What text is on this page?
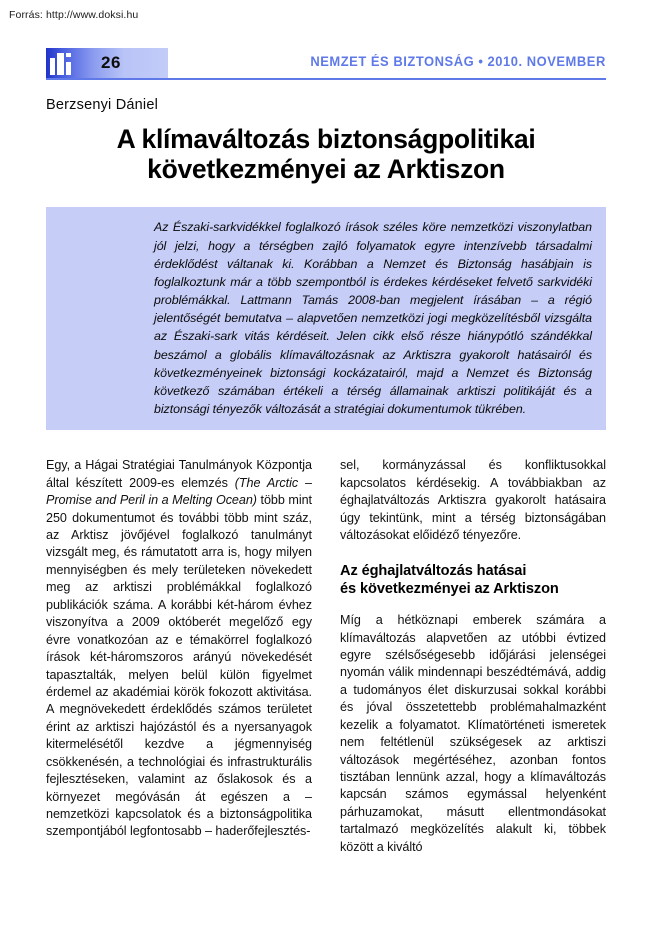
Forrás: http://www.doksi.hu
26	NEMZET ÉS BIZTONSÁG • 2010. NOVEMBER
Berzsenyi Dániel
A klímaváltozás biztonságpolitikai
következményei az Arktiszon
Az Északi-sarkvidékkel foglalkozó írások széles köre nemzetközi viszonylatban jól jelzi, hogy a térségben zajló folyamatok egyre intenzívebb társadalmi érdeklődést váltanak ki. Korábban a Nemzet és Biztonság hasábjain is foglalkoztunk már a több szempontból is érdekes kérdéseket felvető sarkvidéki problémákkal. Lattmann Tamás 2008-ban megjelent írásában – a régió jelentőségét bemutatva – alapvetően nemzetközi jogi megközelítésből vizsgálta az Északi-sark vitás kérdéseit. Jelen cikk első része hiánypótló szándékkal beszámol a globális klímaváltozásnak az Arktiszra gyakorolt hatásairól és következményeinek biztonsági kockázatairól, majd a Nemzet és Biztonság következő számában értékeli a térség államainak arktiszi politikáját és a biztonsági tényezők változását a stratégiai dokumentumok tükrében.

Egy, a Hágai Stratégiai Tanulmányok Központja által készített 2009-es elemzés (The Arctic – Promise and Peril in a Melting Ocean) több mint 250 dokumentumot és további több mint száz, az Arktisz jövőjével foglalkozó tanulmányt vizsgált meg, és rámutatott arra is, hogy milyen mennyiségben és mely területeken növekedett meg az arktiszi problémákkal foglalkozó publikációk száma. A korábbi két-három évhez viszonyítva a 2009 októberét megelőző egy évre vonatkozóan az e témakörrel foglalkozó írások két-háromszoros arányú növekedését tapasztalták, melyen belül külön figyelmet érdemel az akadémiai körök fokozott aktivitása. A megnövekedett érdeklődés számos területet érint az arktiszi hajózástól és a nyersanyagok kitermelésétől kezdve a jégmennyiség csökkenésén, a technológiai és infrastrukturális fejlesztéseken, valamint az őslakosok és a környezet megóvásán át egészen a – nemzetközi kapcsolatok és a biztonságpolitika szempontjából legfontosabb – haderőfejlesztés-

sel, kormányzással és konfliktusokkal kapcsolatos kérdésekig. A továbbiakban az éghajlatváltozás Arktiszra gyakorolt hatásaira úgy tekintünk, mint a térség biztonságában változásokat előidéző tényezőre.

Az éghajlatváltozás hatásai
és következményei az Arktiszon

Míg a hétköznapi emberek számára a klímaváltozás alapvetően az utóbbi évtized egyre szélsőségesebb időjárási jelenségei nyomán válik mindennapi beszédtémává, addig a tudományos élet diskurzusai sokkal korábbi és jóval összetettebb problémahalmazként kezelik a folyamatot. Klímatörténeti ismeretek nem feltétlenül szükségesek az arktiszi változások megértéséhez, azonban fontos tisztában lennünk azzal, hogy a klímaváltozás kapcsán számos egymással helyenként párhuzamokat, másutt ellentmondásokat tartalmazó megközelítés alakult ki, többek között a kiváltó
